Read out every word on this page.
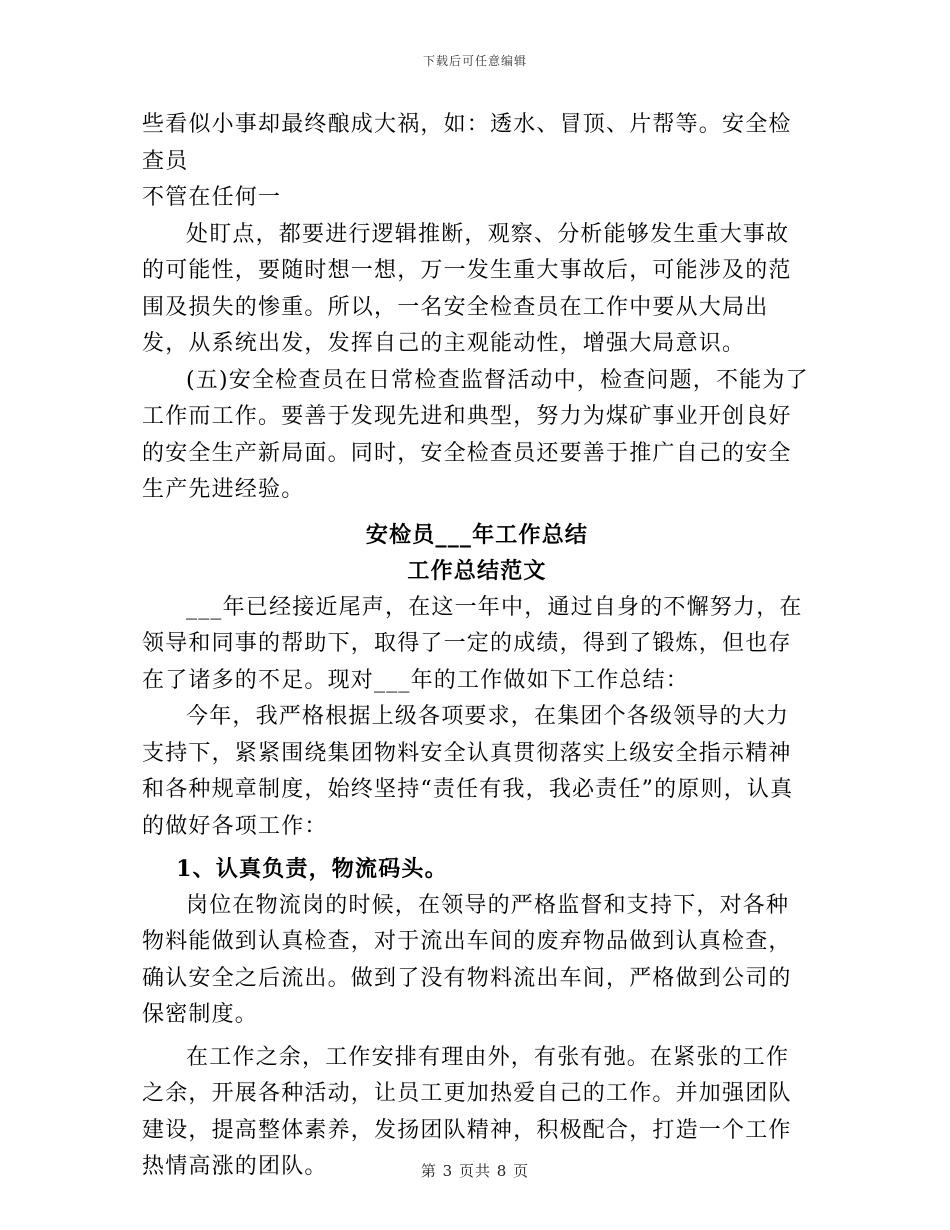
下载后可任意编辑

些看似小事却最终酿成大祸，如：透水、冒顶、片帮等。安全检查员

不管在任何一

处盯点，都要进行逻辑推断，观察、分析能够发生重大事故的可能性，要随时想一想，万一发生重大事故后，可能涉及的范围及损失的惨重。所以，一名安全检查员在工作中要从大局出发，从系统出发，发挥自己的主观能动性，增强大局意识。

(五)安全检查员在日常检查监督活动中，检查问题，不能为了工作而工作。要善于发现先进和典型，努力为煤矿事业开创良好的安全生产新局面。同时，安全检查员还要善于推广自己的安全生产先进经验。

安检员___年工作总结

工作总结范文

___年已经接近尾声，在这一年中，通过自身的不懈努力，在领导和同事的帮助下，取得了一定的成绩，得到了锻炼，但也存在了诸多的不足。现对___年的工作做如下工作总结：

今年，我严格根据上级各项要求，在集团个各级领导的大力支持下，紧紧围绕集团物料安全认真贯彻落实上级安全指示精神和各种规章制度，始终坚持“责任有我，我必责任”的原则，认真的做好各项工作：

1、认真负责，物流码头。

岗位在物流岗的时候，在领导的严格监督和支持下，对各种物料能做到认真检查，对于流出车间的废弃物品做到认真检查，确认安全之后流出。做到了没有物料流出车间，严格做到公司的保密制度。

在工作之余，工作安排有理由外，有张有弛。在紧张的工作之余，开展各种活动，让员工更加热爱自己的工作。并加强团队建设，提高整体素养，发扬团队精神，积极配合，打造一个工作热情高涨的团队。	第 3 页共 8 页
